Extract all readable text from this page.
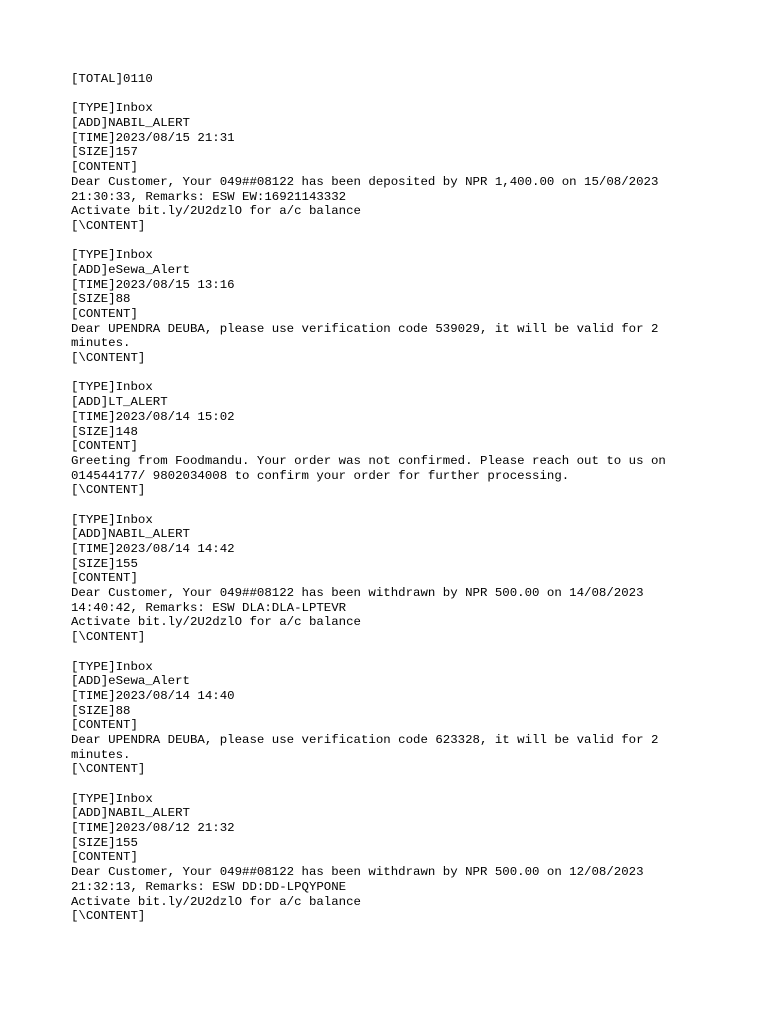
[TOTAL]0110
[TYPE]Inbox
[ADD]NABIL_ALERT
[TIME]2023/08/15 21:31
[SIZE]157
[CONTENT]
Dear Customer, Your 049##08122 has been deposited by NPR 1,400.00 on 15/08/2023
21:30:33, Remarks: ESW EW:16921143332
Activate bit.ly/2U2dzlO for a/c balance
[\CONTENT]
[TYPE]Inbox
[ADD]eSewa_Alert
[TIME]2023/08/15 13:16
[SIZE]88
[CONTENT]
Dear UPENDRA DEUBA, please use verification code 539029, it will be valid for 2
minutes.
[\CONTENT]
[TYPE]Inbox
[ADD]LT_ALERT
[TIME]2023/08/14 15:02
[SIZE]148
[CONTENT]
Greeting from Foodmandu. Your order was not confirmed. Please reach out to us on
014544177/ 9802034008 to confirm your order for further processing.
[\CONTENT]
[TYPE]Inbox
[ADD]NABIL_ALERT
[TIME]2023/08/14 14:42
[SIZE]155
[CONTENT]
Dear Customer, Your 049##08122 has been withdrawn by NPR 500.00 on 14/08/2023
14:40:42, Remarks: ESW DLA:DLA-LPTEVR
Activate bit.ly/2U2dzlO for a/c balance
[\CONTENT]
[TYPE]Inbox
[ADD]eSewa_Alert
[TIME]2023/08/14 14:40
[SIZE]88
[CONTENT]
Dear UPENDRA DEUBA, please use verification code 623328, it will be valid for 2
minutes.
[\CONTENT]
[TYPE]Inbox
[ADD]NABIL_ALERT
[TIME]2023/08/12 21:32
[SIZE]155
[CONTENT]
Dear Customer, Your 049##08122 has been withdrawn by NPR 500.00 on 12/08/2023
21:32:13, Remarks: ESW DD:DD-LPQYPONE
Activate bit.ly/2U2dzlO for a/c balance
[\CONTENT]
